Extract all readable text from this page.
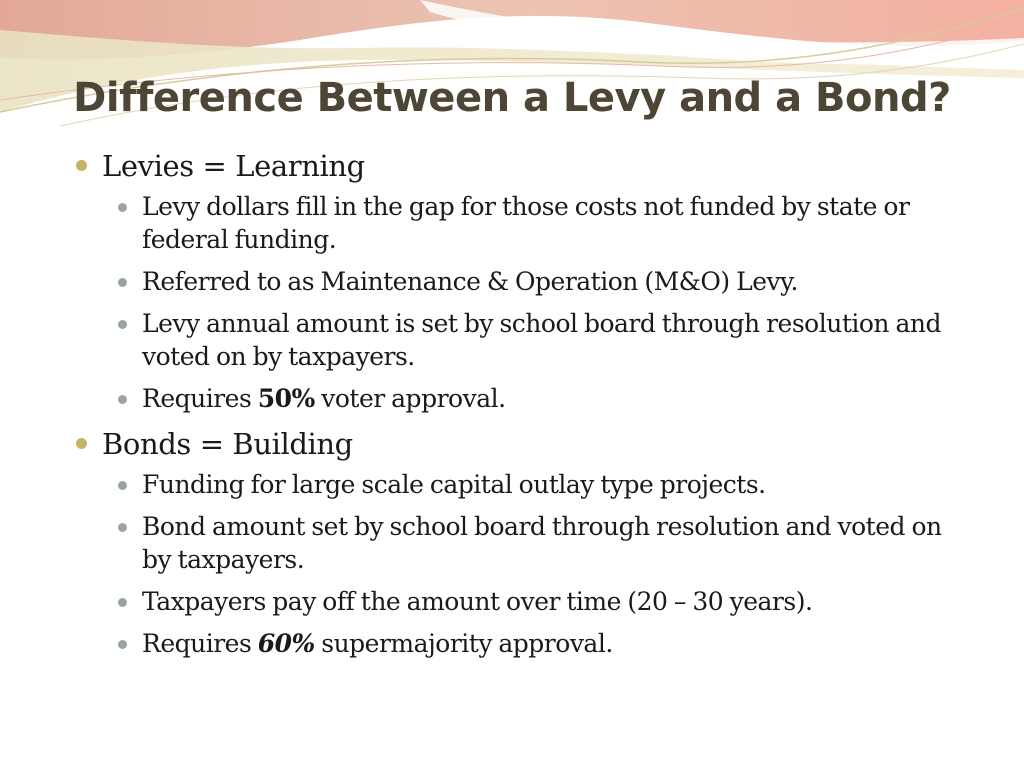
Difference Between a Levy and a Bond?
Levies = Learning
Levy dollars fill in the gap for those costs not funded by state or federal funding.
Referred to as Maintenance & Operation (M&O) Levy.
Levy annual amount is set by school board through resolution and voted on by taxpayers.
Requires 50% voter approval.
Bonds = Building
Funding for large scale capital outlay type projects.
Bond amount set by school board through resolution and voted on by taxpayers.
Taxpayers pay off the amount over time (20 – 30 years).
Requires 60% supermajority approval.
